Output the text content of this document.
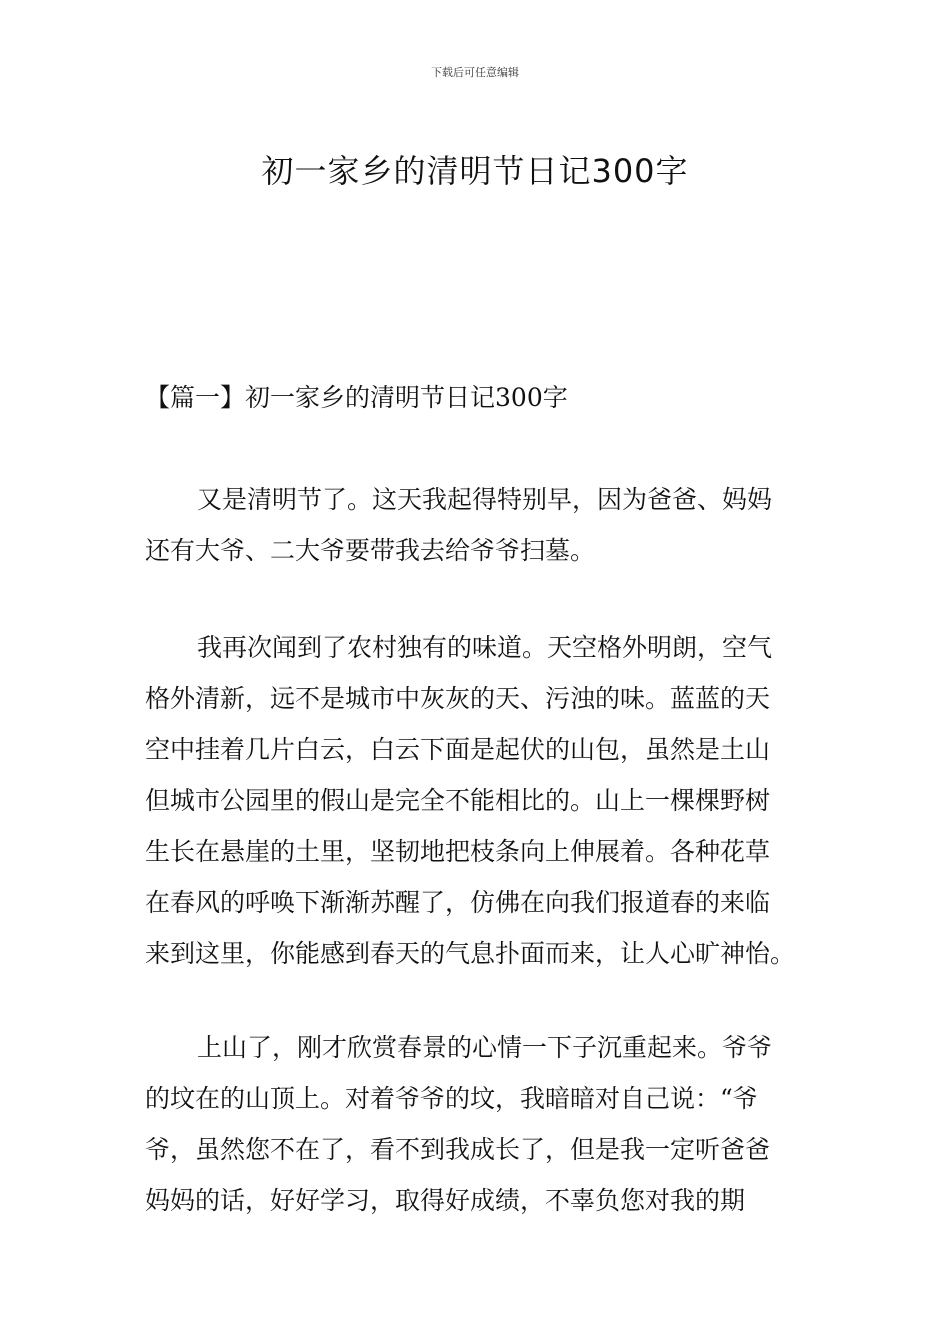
下载后可任意编辑
初一家乡的清明节日记300字
【篇一】初一家乡的清明节日记300字
又是清明节了。这天我起得特别早，因为爸爸、妈妈
还有大爷、二大爷要带我去给爷爷扫墓。
我再次闻到了农村独有的味道。天空格外明朗，空气
格外清新，远不是城市中灰灰的天、污浊的味。蓝蓝的天
空中挂着几片白云，白云下面是起伏的山包，虽然是土山
但城市公园里的假山是完全不能相比的。山上一棵棵野树
生长在悬崖的土里，坚韧地把枝条向上伸展着。各种花草
在春风的呼唤下渐渐苏醒了，仿佛在向我们报道春的来临
来到这里，你能感到春天的气息扑面而来，让人心旷神怡。
上山了，刚才欣赏春景的心情一下子沉重起来。爷爷
的坟在的山顶上。对着爷爷的坟，我暗暗对自己说：“爷
爷，虽然您不在了，看不到我成长了，但是我一定听爸爸
妈妈的话，好好学习，取得好成绩，不辜负您对我的期
